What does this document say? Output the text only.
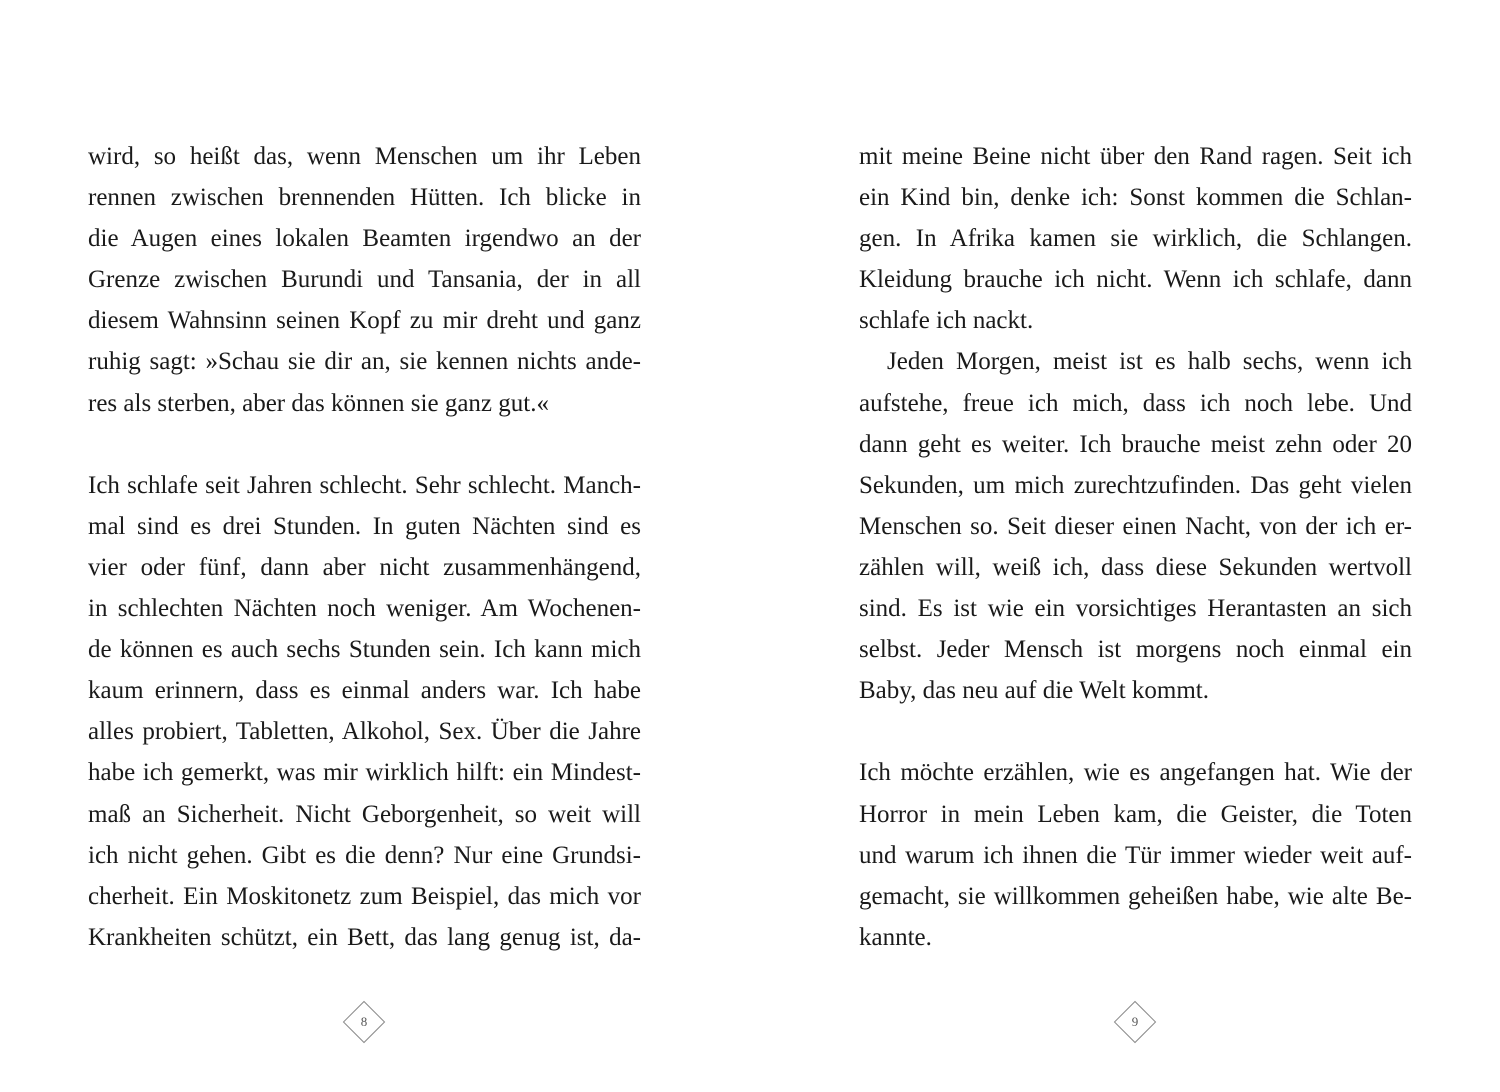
wird, so heißt das, wenn Menschen um ihr Leben
rennen zwischen brennenden Hütten. Ich blicke in
die Augen eines lokalen Beamten irgendwo an der
Grenze zwischen Burundi und Tansania, der in all
diesem Wahnsinn seinen Kopf zu mir dreht und ganz
ruhig sagt: »Schau sie dir an, sie kennen nichts ande-
res als sterben, aber das können sie ganz gut.«
Ich schlafe seit Jahren schlecht. Sehr schlecht. Manch-
mal sind es drei Stunden. In guten Nächten sind es
vier oder fünf, dann aber nicht zusammenhängend,
in schlechten Nächten noch weniger. Am Wochenen-
de können es auch sechs Stunden sein. Ich kann mich
kaum erinnern, dass es einmal anders war. Ich habe
alles probiert, Tabletten, Alkohol, Sex. Über die Jahre
habe ich gemerkt, was mir wirklich hilft: ein Mindest-
maß an Sicherheit. Nicht Geborgenheit, so weit will
ich nicht gehen. Gibt es die denn? Nur eine Grundsi-
cherheit. Ein Moskitonetz zum Beispiel, das mich vor
Krankheiten schützt, ein Bett, das lang genug ist, da-
8
mit meine Beine nicht über den Rand ragen. Seit ich
ein Kind bin, denke ich: Sonst kommen die Schlan-
gen. In Afrika kamen sie wirklich, die Schlangen.
Kleidung brauche ich nicht. Wenn ich schlafe, dann
schlafe ich nackt.
Jeden Morgen, meist ist es halb sechs, wenn ich
aufstehe, freue ich mich, dass ich noch lebe. Und
dann geht es weiter. Ich brauche meist zehn oder 20
Sekunden, um mich zurechtzufinden. Das geht vielen
Menschen so. Seit dieser einen Nacht, von der ich er-
zählen will, weiß ich, dass diese Sekunden wertvoll
sind. Es ist wie ein vorsichtiges Herantasten an sich
selbst. Jeder Mensch ist morgens noch einmal ein
Baby, das neu auf die Welt kommt.
Ich möchte erzählen, wie es angefangen hat. Wie der
Horror in mein Leben kam, die Geister, die Toten
und warum ich ihnen die Tür immer wieder weit auf-
gemacht, sie willkommen geheißen habe, wie alte Be-
kannte.
9
